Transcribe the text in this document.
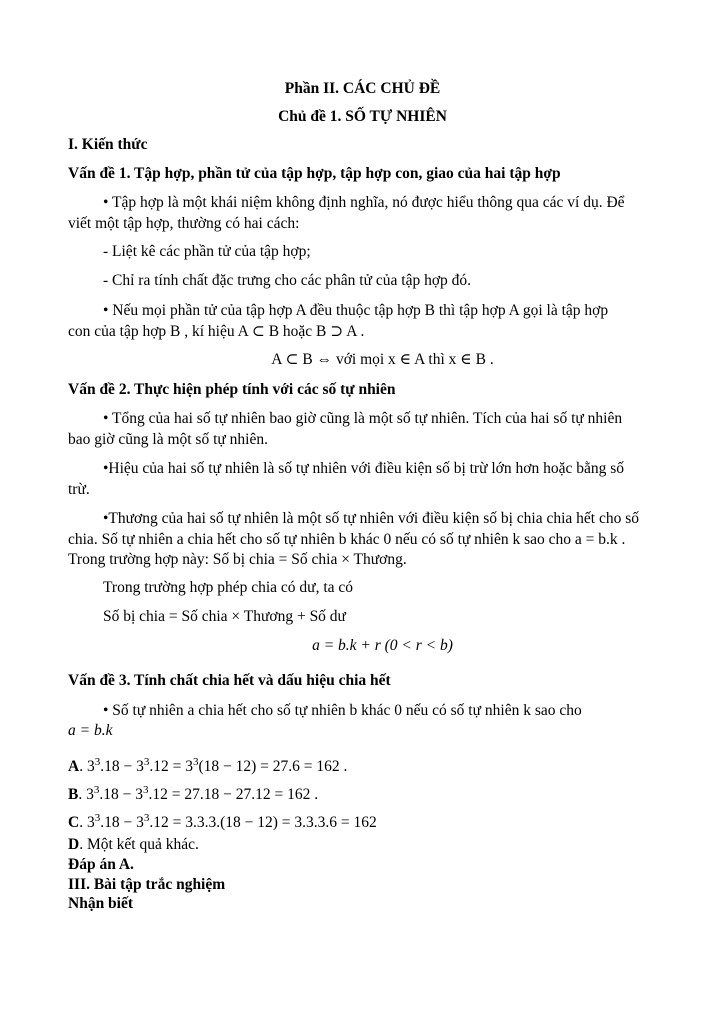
Phần II. CÁC CHỦ ĐỀ
Chủ đề 1. SỐ TỰ NHIÊN
I. Kiến thức
Vấn đề 1. Tập hợp, phần tử của tập hợp, tập hợp con, giao của hai tập hợp
• Tập hợp là một khái niệm không định nghĩa, nó được hiểu thông qua các ví dụ. Để
viết một tập hợp, thường có hai cách:
- Liệt kê các phần tử của tập hợp;
- Chỉ ra tính chất đặc trưng cho các phân tử của tập hợp đó.
• Nếu mọi phần tử của tập hợp A đều thuộc tập hợp B thì tập hợp A gọi là tập hợp
con của tập hợp B , kí hiệu A ⊂ B hoặc B ⊃ A .
A ⊂ B ⇔ với mọi x ∈ A thì x ∈ B .
Vấn đề 2. Thực hiện phép tính với các số tự nhiên
• Tổng của hai số tự nhiên bao giờ cũng là một số tự nhiên. Tích của hai số tự nhiên
bao giờ cũng là một số tự nhiên.
•Hiệu của hai số tự nhiên là số tự nhiên với điều kiện số bị trừ lớn hơn hoặc bằng số
trừ.
•Thương của hai số tự nhiên là một số tự nhiên với điều kiện số bị chia chia hết cho số
chia. Số tự nhiên a chia hết cho số tự nhiên b khác 0 nếu có số tự nhiên k sao cho a = b.k .
Trong trường hợp này: Số bị chia = Số chia × Thương.
Trong trường hợp phép chia có dư, ta có
Số bị chia = Số chia × Thương + Số dư
a = b.k + r (0 < r < b)
Vấn đề 3. Tính chất chia hết và dấu hiệu chia hết
• Số tự nhiên a chia hết cho số tự nhiên b khác 0 nếu có số tự nhiên k sao cho
a = b.k
A. $3^3.18 - 3^3.12 = 3^3(18 - 12) = 27.6 = 162$ .
B. $3^3.18 - 3^3.12 = 27.18 - 27.12 = 162$ .
C. $3^3.18 - 3^3.12 = 3.3.3.(18 - 12) = 3.3.3.6 = 162$
D. Một kết quả khác.
Đáp án A.
III. Bài tập trắc nghiệm
Nhận biết
